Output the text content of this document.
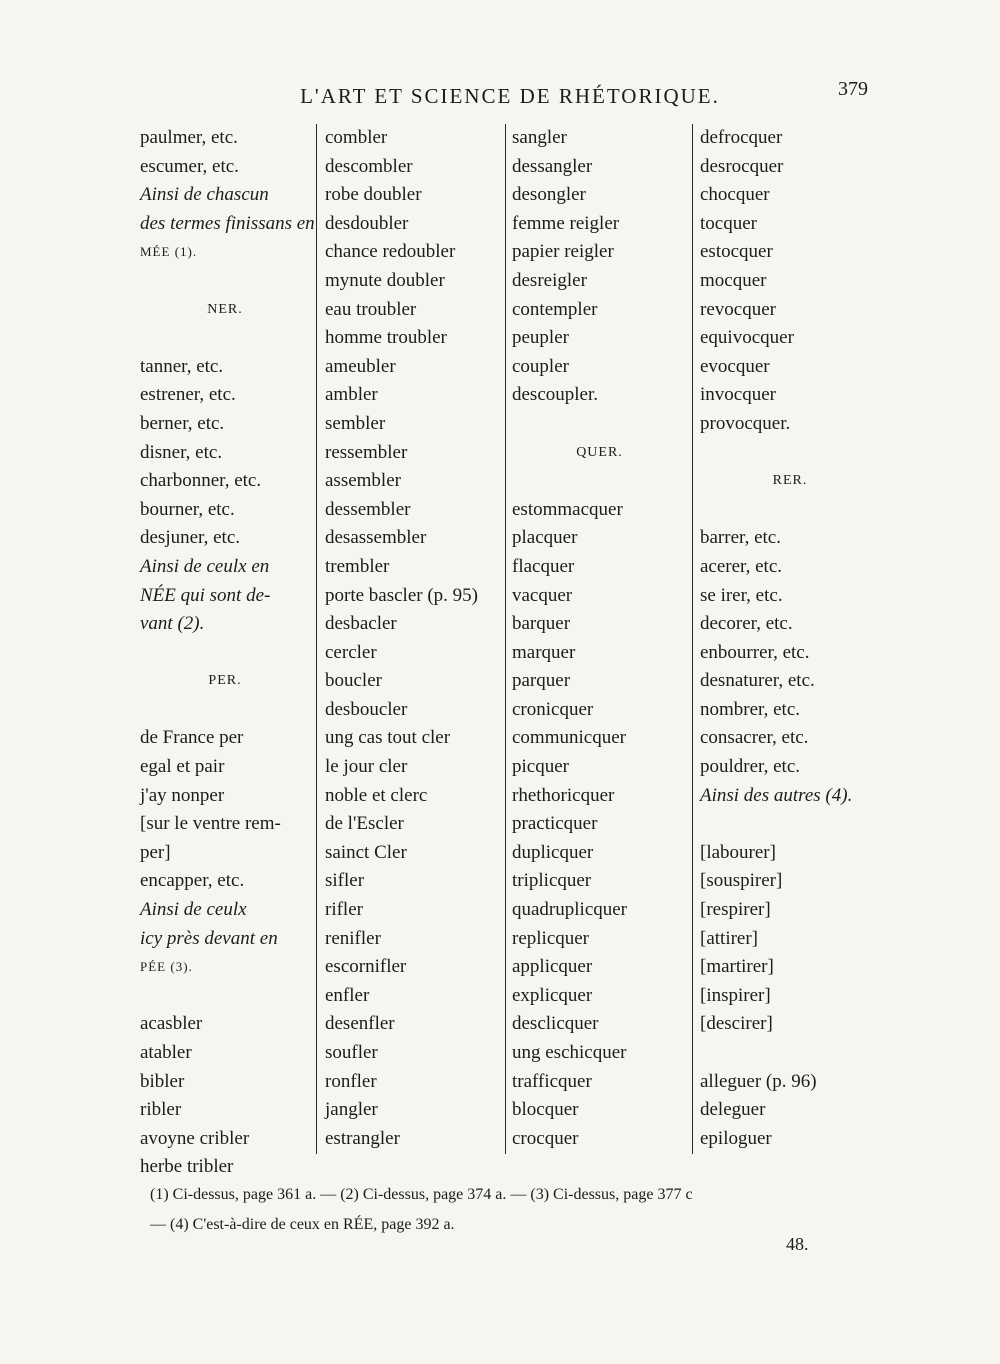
L'ART ET SCIENCE DE RHÉTORIQUE.	379
paulmer, etc.
escumer, etc.
Ainsi de chascun
des termes finissans en
MÉE (1).
NER.
tanner, etc.
estrener, etc.
berner, etc.
disner, etc.
charbonner, etc.
bourner, etc.
desjuner, etc.
Ainsi de ceulx en
NÉE qui sont de-
vant (2).
PER.
de France per
egal et pair
j'ay nonper
[sur le ventre rem-
per]
encapper, etc.
Ainsi de ceulx
icy près devant en
PÉE (3).
acasbler
atabler
bibler
ribler
avoyne cribler
herbe tribler
combler
descombler
robe doubler
desdoubler
chance redoubler
mynute doubler
eau troubler
homme troubler
ameubler
ambler
sembler
ressembler
assembler
dessembler
desassembler
trembler
porte bascler (p. 95)
desbacler
cercler
boucler
desboucler
ung cas tout cler
le jour cler
noble et clerc
de l'Escler
sainct Cler
sifler
rifler
renifler
escornifler
enfler
desenfler
soufler
ronfler
jangler
estrangler
sangler
dessangler
desongler
femme reigler
papier reigler
desreigler
contempler
peupler
coupler
descoupler.
QUER.
estommacquer
placquer
flacquer
vacquer
barquer
marquer
parquer
cronicquer
communicquer
picquer
rhethoricquer
practicquer
duplicquer
triplicquer
quadruplicquer
replicquer
applicquer
explicquer
desclicquer
ung eschicquer
trafficquer
blocquer
crocquer
defrocquer
desrocquer
chocquer
tocquer
estocquer
mocquer
revocquer
equivocquer
evocquer
invocquer
provocquer.
RER.
barrer, etc.
acerer, etc.
se irer, etc.
decorer, etc.
enbourrer, etc.
desnaturer, etc.
nombrer, etc.
consacrer, etc.
pouldrer, etc.
Ainsi des autres (4).
[labourer]
[souspirer]
[respirer]
[attirer]
[martirer]
[inspirer]
[descirer]
alleguer (p. 96)
deleguer
epiloguer
(1) Ci-dessus, page 361 a. — (2) Ci-dessus, page 374 a. — (3) Ci-dessus, page 377 c
— (4) C'est-à-dire de ceux en RÉE, page 392 a.
48.
